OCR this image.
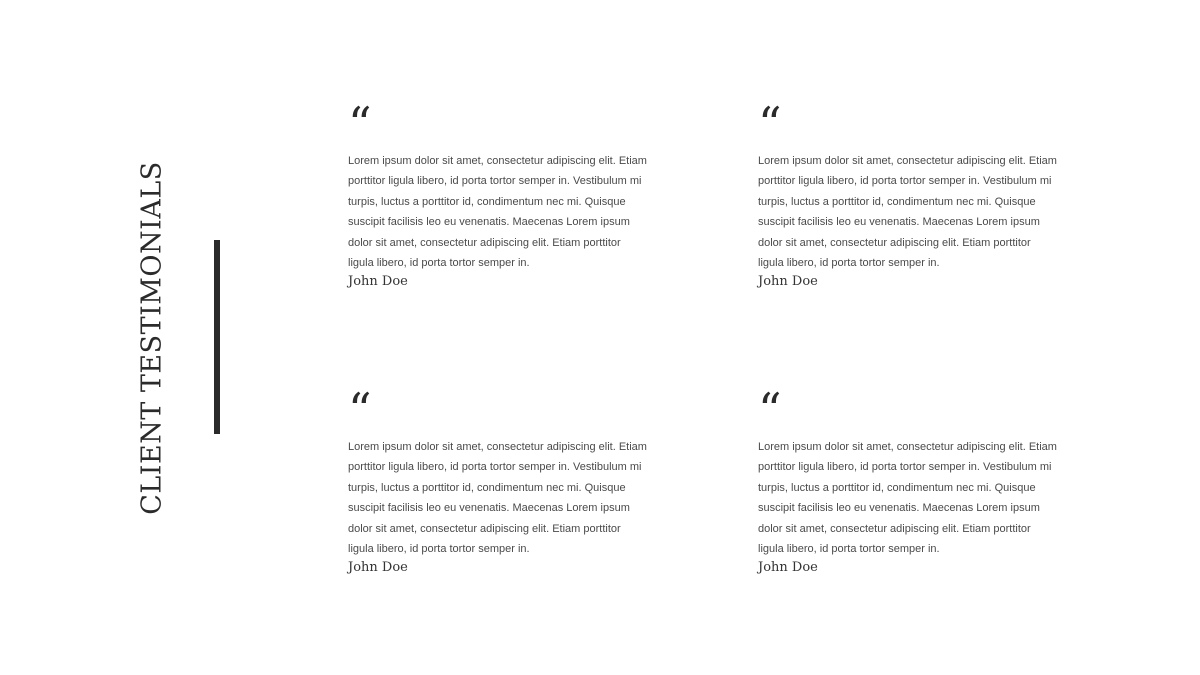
CLIENT TESTIMONIALS
“

Lorem ipsum dolor sit amet, consectetur adipiscing elit. Etiam porttitor ligula libero, id porta tortor semper in. Vestibulum mi turpis, luctus a porttitor id, condimentum nec mi. Quisque suscipit facilisis leo eu venenatis. Maecenas Lorem ipsum dolor sit amet, consectetur adipiscing elit. Etiam porttitor ligula libero, id porta tortor semper in.

John Doe
“

Lorem ipsum dolor sit amet, consectetur adipiscing elit. Etiam porttitor ligula libero, id porta tortor semper in. Vestibulum mi turpis, luctus a porttitor id, condimentum nec mi. Quisque suscipit facilisis leo eu venenatis. Maecenas Lorem ipsum dolor sit amet, consectetur adipiscing elit. Etiam porttitor ligula libero, id porta tortor semper in.

John Doe
“

Lorem ipsum dolor sit amet, consectetur adipiscing elit. Etiam porttitor ligula libero, id porta tortor semper in. Vestibulum mi turpis, luctus a porttitor id, condimentum nec mi. Quisque suscipit facilisis leo eu venenatis. Maecenas Lorem ipsum dolor sit amet, consectetur adipiscing elit. Etiam porttitor ligula libero, id porta tortor semper in.

John Doe
“

Lorem ipsum dolor sit amet, consectetur adipiscing elit. Etiam porttitor ligula libero, id porta tortor semper in. Vestibulum mi turpis, luctus a porttitor id, condimentum nec mi. Quisque suscipit facilisis leo eu venenatis. Maecenas Lorem ipsum dolor sit amet, consectetur adipiscing elit. Etiam porttitor ligula libero, id porta tortor semper in.

John Doe
